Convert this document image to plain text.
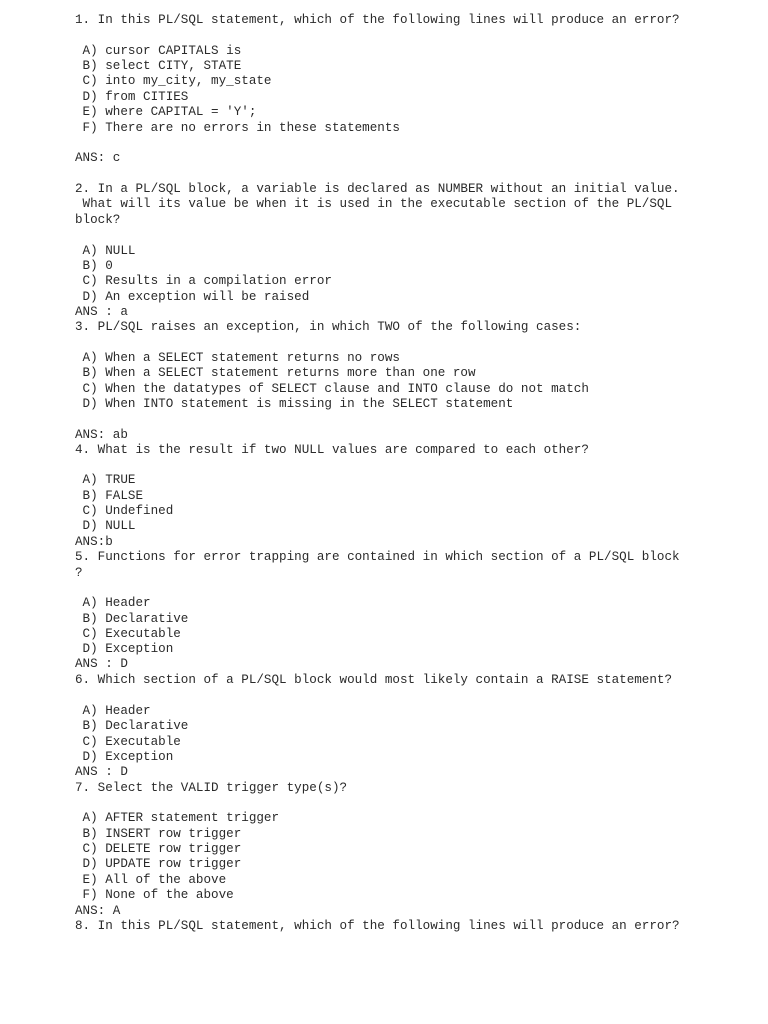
1. In this PL/SQL statement, which of the following lines will produce an error?

A) cursor CAPITALS is

B) select CITY, STATE

C) into my_city, my_state

D) from CITIES

E) where CAPITAL = 'Y';

F) There are no errors in these statements

ANS: c

2. In a PL/SQL block, a variable is declared as NUMBER without an initial value.

What will its value be when it is used in the executable section of the PL/SQL

block?

A) NULL

B) 0

C) Results in a compilation error

D) An exception will be raised

ANS : a

3. PL/SQL raises an exception, in which TWO of the following cases:

A) When a SELECT statement returns no rows

B) When a SELECT statement returns more than one row

C) When the datatypes of SELECT clause and INTO clause do not match

D) When INTO statement is missing in the SELECT statement

ANS: ab

4. What is the result if two NULL values are compared to each other?

A) TRUE

B) FALSE

C) Undefined

D) NULL

ANS:b

5. Functions for error trapping are contained in which section of a PL/SQL block

?

A) Header

B) Declarative

C) Executable

D) Exception

ANS : D

6. Which section of a PL/SQL block would most likely contain a RAISE statement?

A) Header

B) Declarative

C) Executable

D) Exception

ANS : D

7. Select the VALID trigger type(s)?

A) AFTER statement trigger

B) INSERT row trigger

C) DELETE row trigger

D) UPDATE row trigger

E) All of the above

F) None of the above

ANS: A

8. In this PL/SQL statement, which of the following lines will produce an error?
